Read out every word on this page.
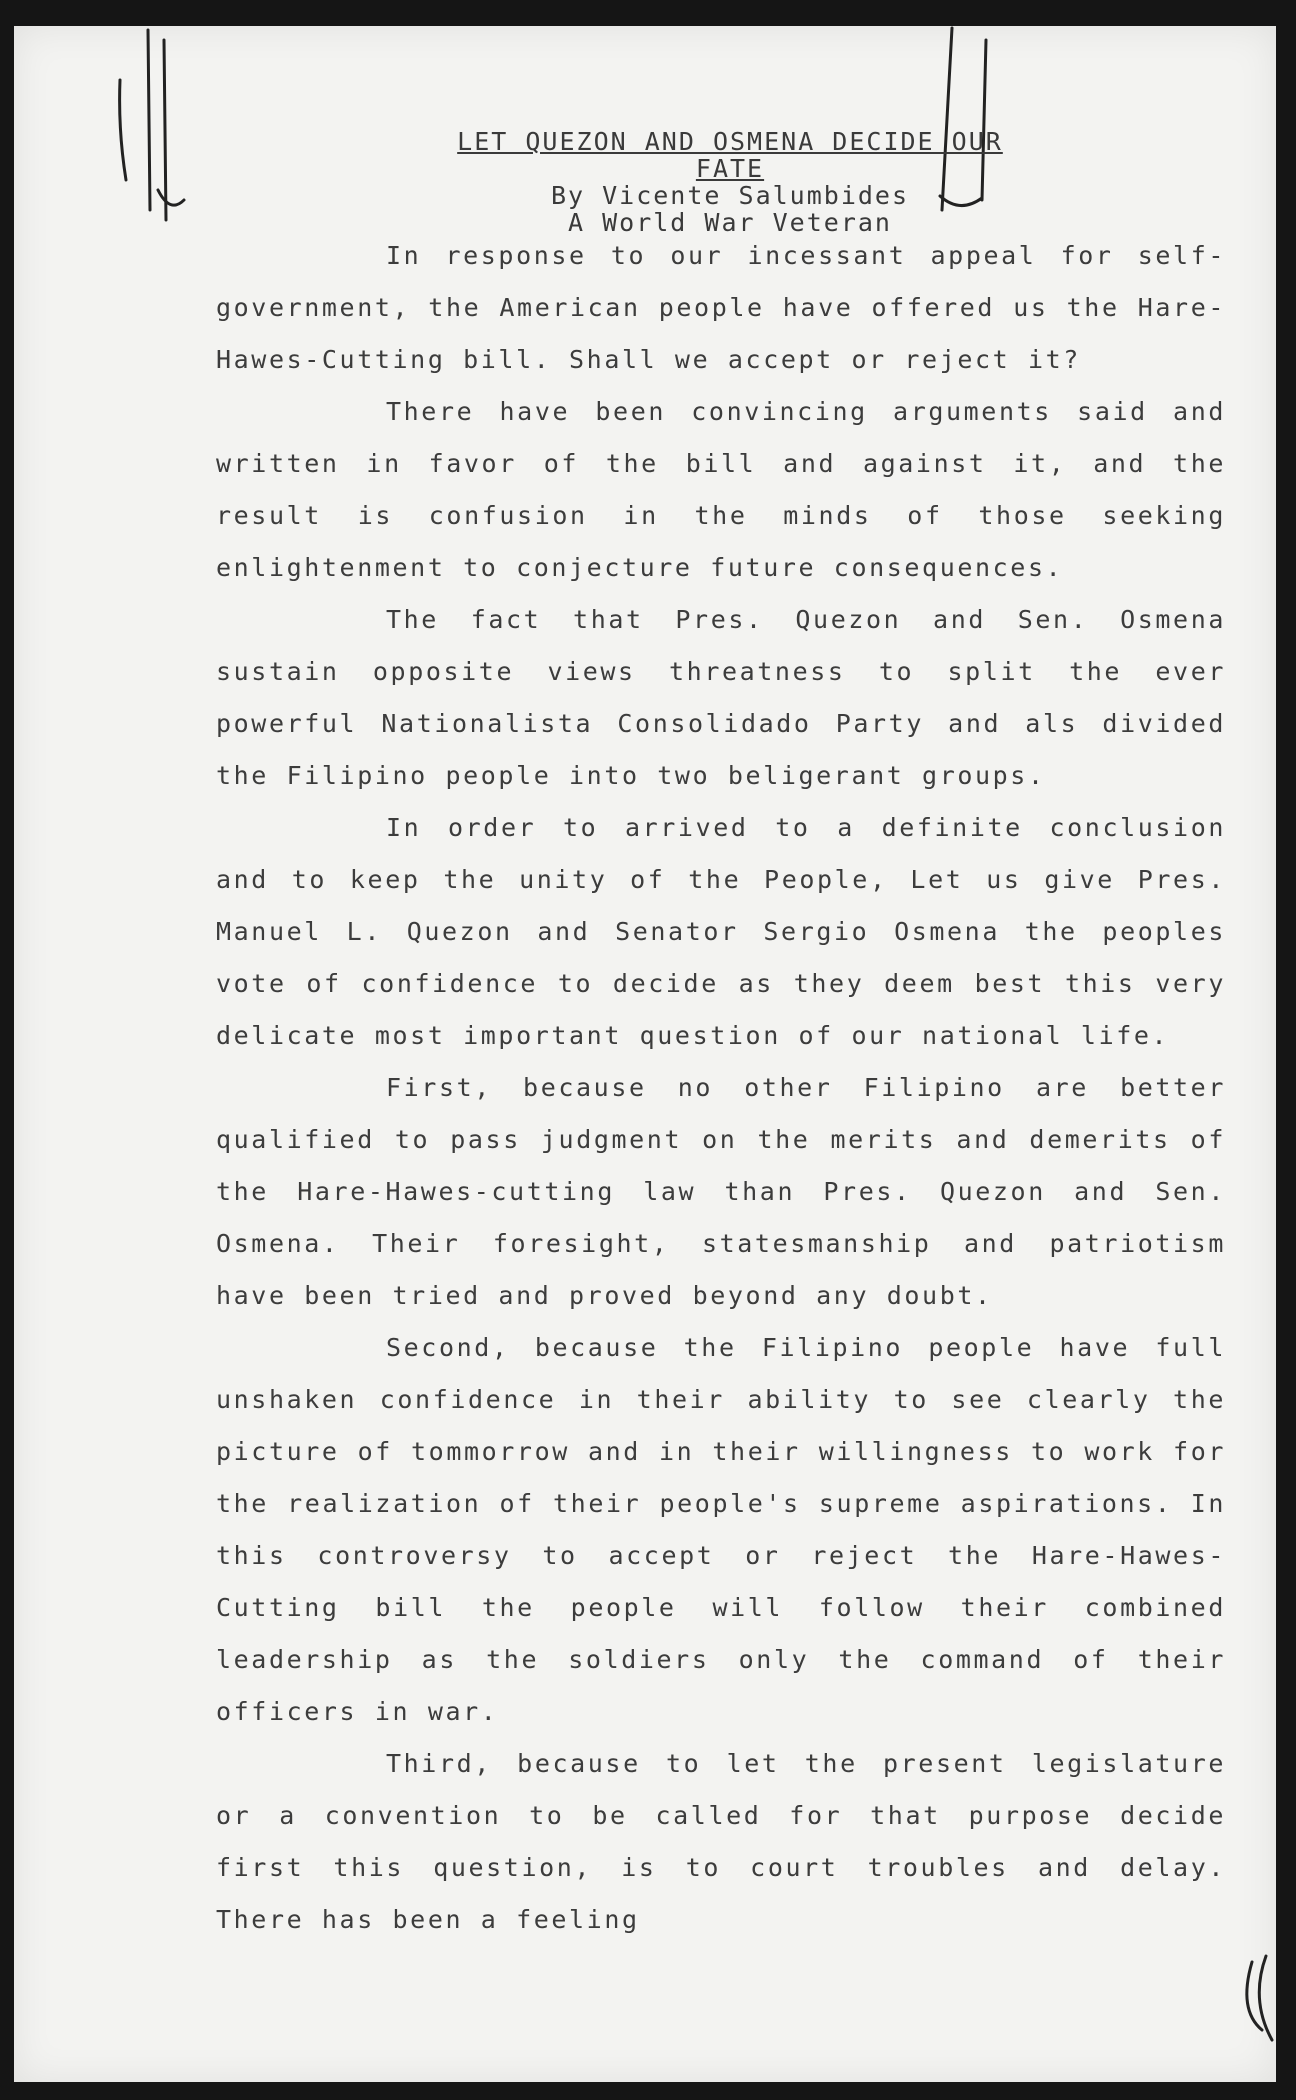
LET QUEZON AND OSMENA DECIDE OUR FATE
By Vicente Salumbides
A World War Veteran

In response to our incessant appeal for self-government, the American people have offered us the Hare-Hawes-Cutting bill. Shall we accept or reject it?

There have been convincing arguments said and written in favor of the bill and against it, and the result is confusion in the minds of those seeking enlightenment to conjecture future consequences.

The fact that Pres. Quezon and Sen. Osmena sustain opposite views threatness to split the ever powerful Nationalista Consolidado Party and als divided the Filipino people into two beligerant groups.

In order to arrived to a definite conclusion and to keep the unity of the People, Let us give Pres. Manuel L. Quezon and Senator Sergio Osmena the peoples vote of confidence to decide as they deem best this very delicate most important question of our national life.

First, because no other Filipino are better qualified to pass judgment on the merits and demerits of the Hare-Hawes-cutting law than Pres. Quezon and Sen. Osmena. Their foresight, statesmanship and patriotism have been tried and proved beyond any doubt.

Second, because the Filipino people have full unshaken confidence in their ability to see clearly the picture of tommorrow and in their willingness to work for the realization of their people's supreme aspirations. In this controversy to accept or reject the Hare-Hawes- Cutting bill the people will follow their combined leadership as the soldiers only the command of their officers in war.

Third, because to let the present legislature or a convention to be called for that purpose decide first this question, is to court troubles and delay. There has been a feeling
